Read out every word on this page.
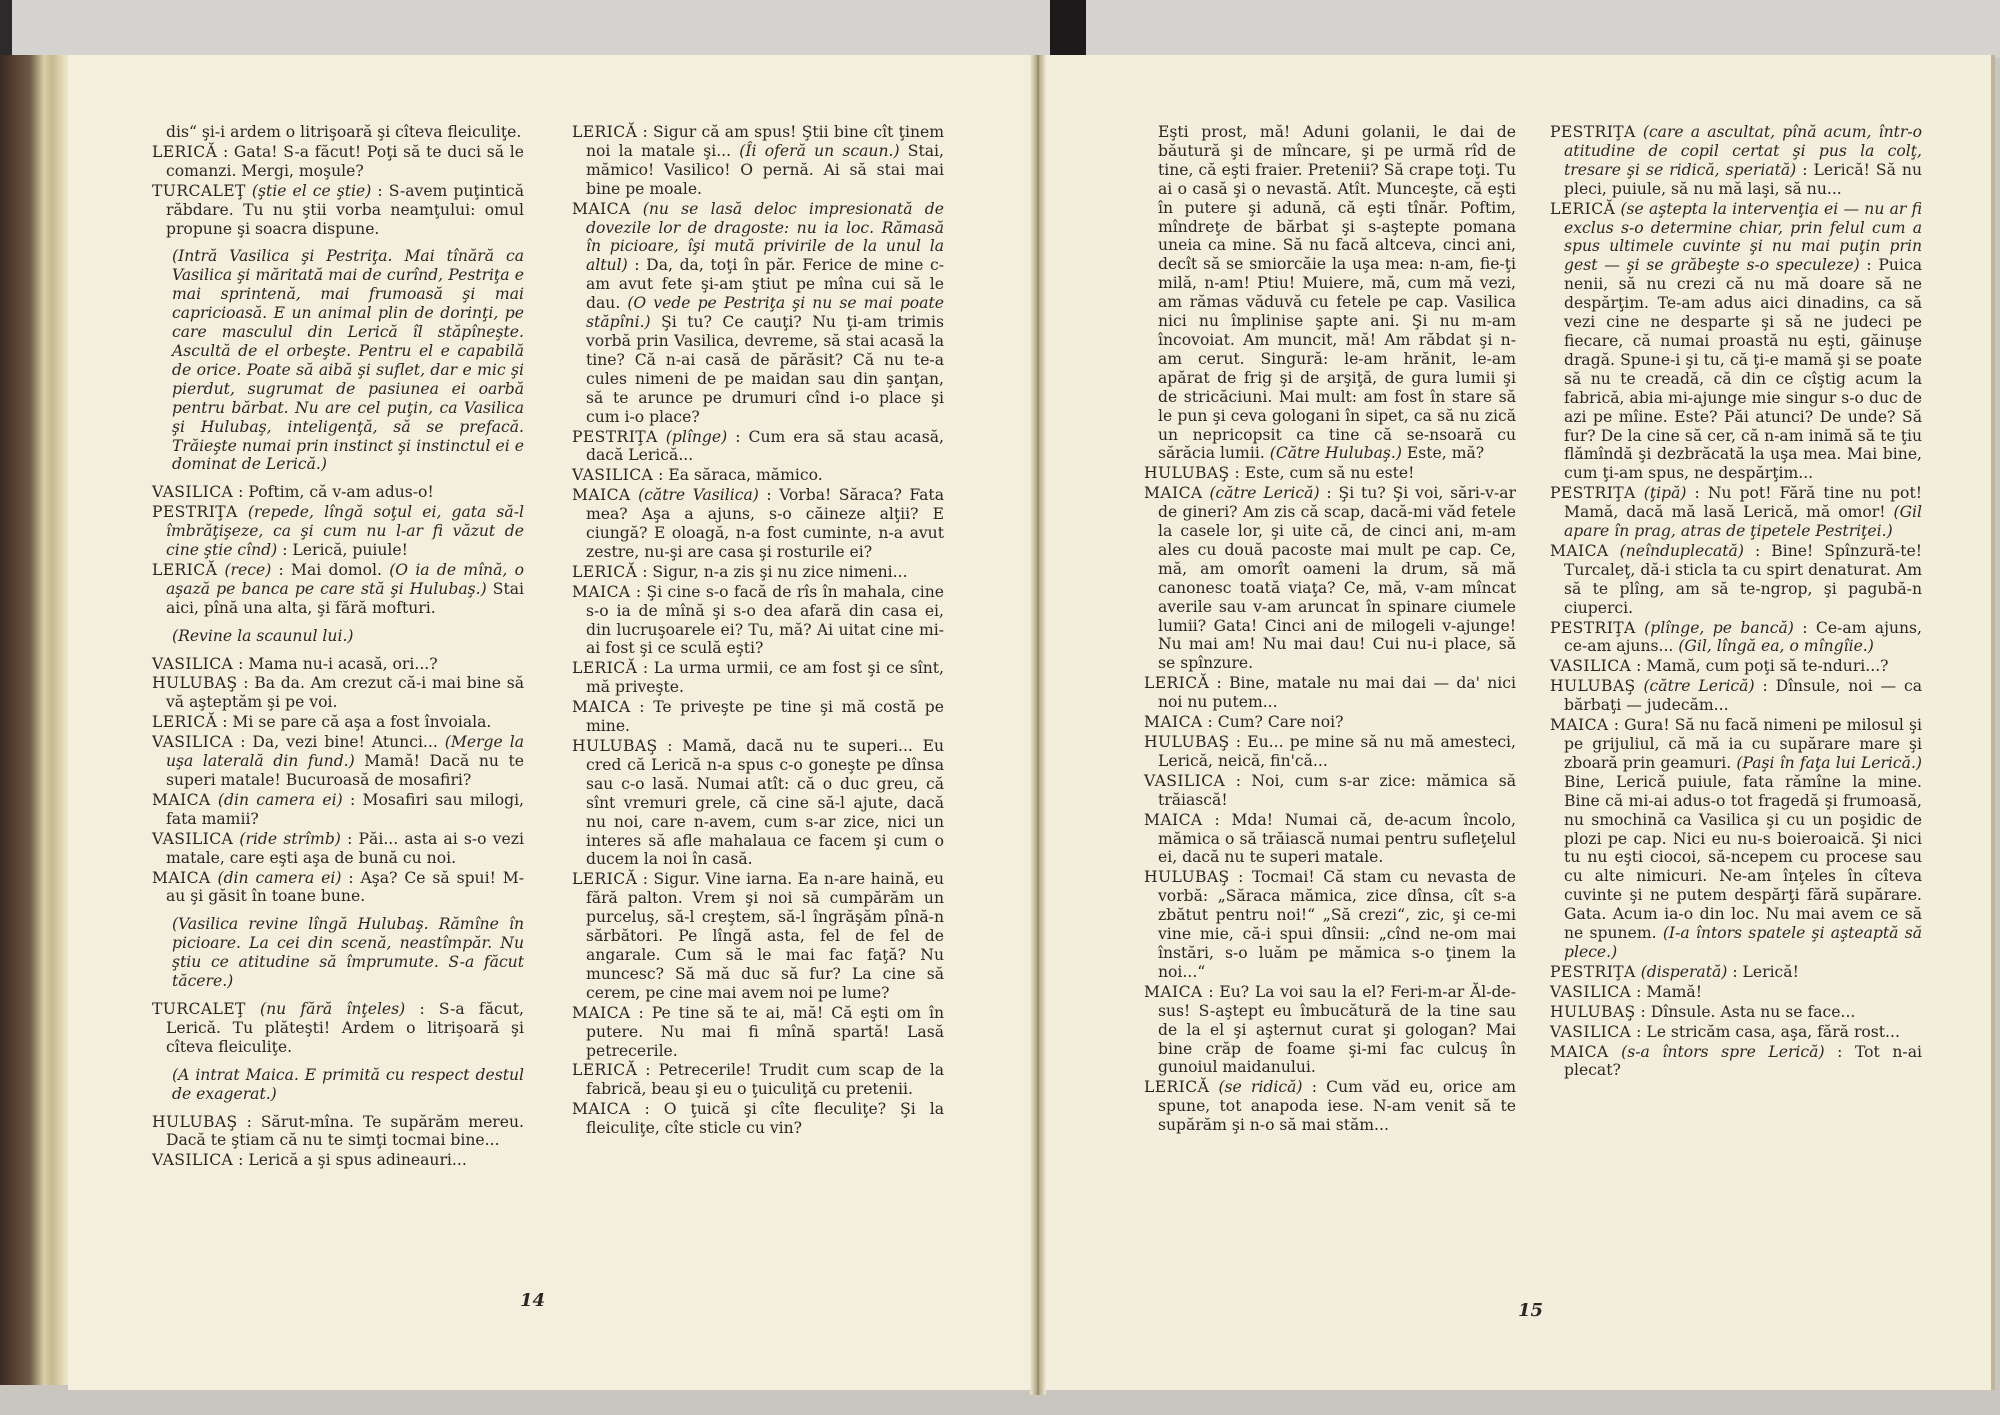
dis“ şi-i ardem o litrişoară şi cîteva fleiculiţe.

LERICĂ : Gata! S-a făcut! Poţi să te duci să le comanzi. Mergi, moşule?

TURCALEŢ (ştie el ce ştie) : S-avem puţintică răbdare. Tu nu ştii vorba neamţului: omul propune şi soacra dispune.

(Intră Vasilica şi Pestriţa. Mai tînără ca Vasilica şi măritată mai de curînd, Pestriţa e mai sprintenă, mai frumoasă şi mai capricioasă. E un animal plin de dorinţi, pe care masculul din Lerică îl stăpîneşte. Ascultă de el orbeşte. Pentru el e capabilă de orice. Poate să aibă şi suflet, dar e mic şi pierdut, sugrumat de pasiunea ei oarbă pentru bărbat. Nu are cel puţin, ca Vasilica şi Hulubaş, inteligenţă, să se prefacă. Trăieşte numai prin instinct şi instinctul ei e dominat de Lerică.)

VASILICA : Poftim, că v-am adus-o!

PESTRIŢA (repede, lîngă soţul ei, gata să-l îmbrăţişeze, ca şi cum nu l-ar fi văzut de cine ştie cînd) : Lerică, puiule!

LERICĂ (rece) : Mai domol. (O ia de mînă, o aşază pe banca pe care stă şi Hulubaş.) Stai aici, pînă una alta, şi fără mofturi.

(Revine la scaunul lui.)

VASILICA : Mama nu-i acasă, ori...?

HULUBAŞ : Ba da. Am crezut că-i mai bine să vă aşteptăm şi pe voi.

LERICĂ : Mi se pare că aşa a fost învoiala.

VASILICA : Da, vezi bine! Atunci... (Merge la uşa laterală din fund.) Mamă! Dacă nu te superi matale! Bucuroasă de mosafiri?

MAICA (din camera ei) : Mosafiri sau milogi, fata mamii?

VASILICA (ride strîmb) : Păi... asta ai s-o vezi matale, care eşti aşa de bună cu noi.

MAICA (din camera ei) : Aşa? Ce să spui! M-au şi găsit în toane bune.

(Vasilica revine lîngă Hulubaş. Rămîne în picioare. La cei din scenă, neastîmpăr. Nu ştiu ce atitudine să împrumute. S-a făcut tăcere.)

TURCALEŢ (nu fără înţeles) : S-a făcut, Lerică. Tu plăteşti! Ardem o litrişoară şi cîteva fleiculiţe.

(A intrat Maica. E primită cu respect destul de exagerat.)

HULUBAŞ : Sărut-mîna. Te supărăm mereu. Dacă te ştiam că nu te simţi tocmai bine...

VASILICA : Lerică a şi spus adineauri...

LERICĂ : Sigur că am spus! Ştii bine cît ţinem noi la matale şi... (Îi oferă un scaun.) Stai, mămico! Vasilico! O pernă. Ai să stai mai bine pe moale.

MAICA (nu se lasă deloc impresionată de dovezile lor de dragoste: nu ia loc. Rămasă în picioare, îşi mută privirile de la unul la altul) : Da, da, toţi în păr. Ferice de mine c-am avut fete şi-am ştiut pe mîna cui să le dau. (O vede pe Pestriţa şi nu se mai poate stăpîni.) Şi tu? Ce cauţi? Nu ţi-am trimis vorbă prin Vasilica, devreme, să stai acasă la tine? Că n-ai casă de părăsit? Că nu te-a cules nimeni de pe maidan sau din şanţan, să te arunce pe drumuri cînd i-o place şi cum i-o place?

PESTRIŢA (plînge) : Cum era să stau acasă, dacă Lerică...

VASILICA : Ea săraca, mămico.

MAICA (către Vasilica) : Vorba! Săraca? Fata mea? Aşa a ajuns, s-o căineze alţii? E ciungă? E oloagă, n-a fost cuminte, n-a avut zestre, nu-şi are casa şi rosturile ei?

LERICĂ : Sigur, n-a zis şi nu zice nimeni...

MAICA : Şi cine s-o facă de rîs în mahala, cine s-o ia de mînă şi s-o dea afară din casa ei, din lucruşoarele ei? Tu, mă? Ai uitat cine mi-ai fost şi ce sculă eşti?

LERICĂ : La urma urmii, ce am fost şi ce sînt, mă priveşte.

MAICA : Te priveşte pe tine şi mă costă pe mine.

HULUBAŞ : Mamă, dacă nu te superi... Eu cred că Lerică n-a spus c-o goneşte pe dînsa sau c-o lasă. Numai atît: că o duc greu, că sînt vremuri grele, că cine să-l ajute, dacă nu noi, care n-avem, cum s-ar zice, nici un interes să afle mahalaua ce facem şi cum o ducem la noi în casă.

LERICĂ : Sigur. Vine iarna. Ea n-are haină, eu fără palton. Vrem şi noi să cumpărăm un purceluş, să-l creştem, să-l îngrăşăm pînă-n sărbători. Pe lîngă asta, fel de fel de angarale. Cum să le mai fac faţă? Nu muncesc? Să mă duc să fur? La cine să cerem, pe cine mai avem noi pe lume?

MAICA : Pe tine să te ai, mă! Că eşti om în putere. Nu mai fi mînă spartă! Lasă petrecerile.

LERICĂ : Petrecerile! Trudit cum scap de la fabrică, beau şi eu o ţuiculiţă cu pretenii.

MAICA : O ţuică şi cîte fleculiţe? Şi la fleiculiţe, cîte sticle cu vin?

14

Eşti prost, mă! Aduni golanii, le dai de băutură şi de mîncare, şi pe urmă rîd de tine, că eşti fraier. Pretenii? Să crape toţi. Tu ai o casă şi o nevastă. Atît. Munceşte, că eşti în putere şi adună, că eşti tînăr. Poftim, mîndreţe de bărbat şi s-aştepte pomana uneia ca mine. Să nu facă altceva, cinci ani, decît să se smiorcăie la uşa mea: n-am, fie-ţi milă, n-am! Ptiu! Muiere, mă, cum mă vezi, am rămas văduvă cu fetele pe cap. Vasilica nici nu împlinise şapte ani. Şi nu m-am încovoiat. Am muncit, mă! Am răbdat şi n-am cerut. Singură: le-am hrănit, le-am apărat de frig şi de arşiţă, de gura lumii şi de stricăciuni. Mai mult: am fost în stare să le pun şi ceva gologani în sipet, ca să nu zică un nepricopsit ca tine că se-nsoară cu sărăcia lumii. (Către Hulubaş.) Este, mă?

HULUBAŞ : Este, cum să nu este!

MAICA (către Lerică) : Şi tu? Şi voi, sări-v-ar de gineri? Am zis că scap, dacă-mi văd fetele la casele lor, şi uite că, de cinci ani, m-am ales cu două pacoste mai mult pe cap. Ce, mă, am omorît oameni la drum, să mă canonesc toată viaţa? Ce, mă, v-am mîncat averile sau v-am aruncat în spinare ciumele lumii? Gata! Cinci ani de milogeli v-ajunge! Nu mai am! Nu mai dau! Cui nu-i place, să se spînzure.

LERICĂ : Bine, matale nu mai dai — da' nici noi nu putem...

MAICA : Cum? Care noi?

HULUBAŞ : Eu... pe mine să nu mă amesteci, Lerică, neică, fin'că...

VASILICA : Noi, cum s-ar zice: mămica să trăiască!

MAICA : Mda! Numai că, de-acum încolo, mămica o să trăiască numai pentru sufleţelul ei, dacă nu te superi matale.

HULUBAŞ : Tocmai! Că stam cu nevasta de vorbă: „Săraca mămica, zice dînsa, cît s-a zbătut pentru noi!“ „Să crezi“, zic, şi ce-mi vine mie, că-i spui dînsii: „cînd ne-om mai înstări, s-o luăm pe mămica s-o ţinem la noi...“

MAICA : Eu? La voi sau la el? Feri-m-ar Ăl-de-sus! S-aştept eu îmbucătură de la tine sau de la el şi aşternut curat şi gologan? Mai bine crăp de foame şi-mi fac culcuş în gunoiul maidanului.

LERICĂ (se ridică) : Cum văd eu, orice am spune, tot anapoda iese. N-am venit să te supărăm şi n-o să mai stăm...

PESTRIŢA (care a ascultat, pînă acum, într-o atitudine de copil certat şi pus la colţ, tresare şi se ridică, speriată) : Lerică! Să nu pleci, puiule, să nu mă laşi, să nu...

LERICĂ (se aştepta la intervenţia ei — nu ar fi exclus s-o determine chiar, prin felul cum a spus ultimele cuvinte şi nu mai puţin prin gest — şi se grăbeşte s-o speculeze) : Puica nenii, să nu crezi că nu mă doare să ne despărţim. Te-am adus aici dinadins, ca să vezi cine ne desparte şi să ne judeci pe fiecare, că numai proastă nu eşti, găinuşe dragă. Spune-i şi tu, că ţi-e mamă şi se poate să nu te creadă, că din ce cîştig acum la fabrică, abia mi-ajunge mie singur s-o duc de azi pe mîine. Este? Păi atunci? De unde? Să fur? De la cine să cer, că n-am inimă să te ţiu flămîndă şi dezbrăcată la uşa mea. Mai bine, cum ţi-am spus, ne despărţim...

PESTRIŢA (ţipă) : Nu pot! Fără tine nu pot! Mamă, dacă mă lasă Lerică, mă omor! (Gil apare în prag, atras de ţipetele Pestriţei.)

MAICA (neînduplecată) : Bine! Spînzură-te! Turcaleţ, dă-i sticla ta cu spirt denaturat. Am să te plîng, am să te-ngrop, şi pagubă-n ciuperci.

PESTRIŢA (plînge, pe bancă) : Ce-am ajuns, ce-am ajuns... (Gil, lîngă ea, o mîngîie.)

VASILICA : Mamă, cum poţi să te-nduri...?

HULUBAŞ (către Lerică) : Dînsule, noi — ca bărbaţi — judecăm...

MAICA : Gura! Să nu facă nimeni pe milosul şi pe grijuliul, că mă ia cu supărare mare şi zboară prin geamuri. (Paşi în faţa lui Lerică.) Bine, Lerică puiule, fata rămîne la mine. Bine că mi-ai adus-o tot fragedă şi frumoasă, nu smochină ca Vasilica şi cu un poşidic de plozi pe cap. Nici eu nu-s boieroaică. Şi nici tu nu eşti ciocoi, să-ncepem cu procese sau cu alte nimicuri. Ne-am înţeles în cîteva cuvinte şi ne putem despărţi fără supărare. Gata. Acum ia-o din loc. Nu mai avem ce să ne spunem. (I-a întors spatele şi aşteaptă să plece.)

PESTRIŢA (disperată) : Lerică!

VASILICA : Mamă!

HULUBAŞ : Dînsule. Asta nu se face...

VASILICA : Le stricăm casa, aşa, fără rost...

MAICA (s-a întors spre Lerică) : Tot n-ai plecat?

15
